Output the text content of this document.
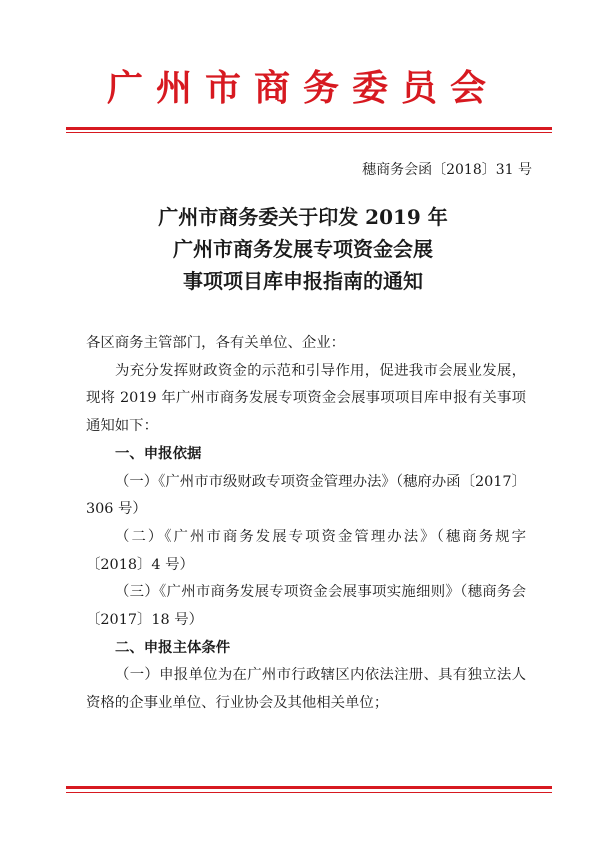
广州市商务委员会
穗商务会函〔2018〕31 号
广州市商务委关于印发 2019 年
广州市商务发展专项资金会展
事项项目库申报指南的通知

各区商务主管部门，各有关单位、企业：

为充分发挥财政资金的示范和引导作用，促进我市会展业发展，现将 2019 年广州市商务发展专项资金会展事项项目库申报有关事项通知如下：

一、申报依据

（一）《广州市市级财政专项资金管理办法》（穗府办函〔2017〕306 号）

（二）《广州市商务发展专项资金管理办法》（穗商务规字〔2018〕4 号）

（三）《广州市商务发展专项资金会展事项实施细则》（穗商务会〔2017〕18 号）

二、申报主体条件

（一）申报单位为在广州市行政辖区内依法注册、具有独立法人资格的企事业单位、行业协会及其他相关单位；
